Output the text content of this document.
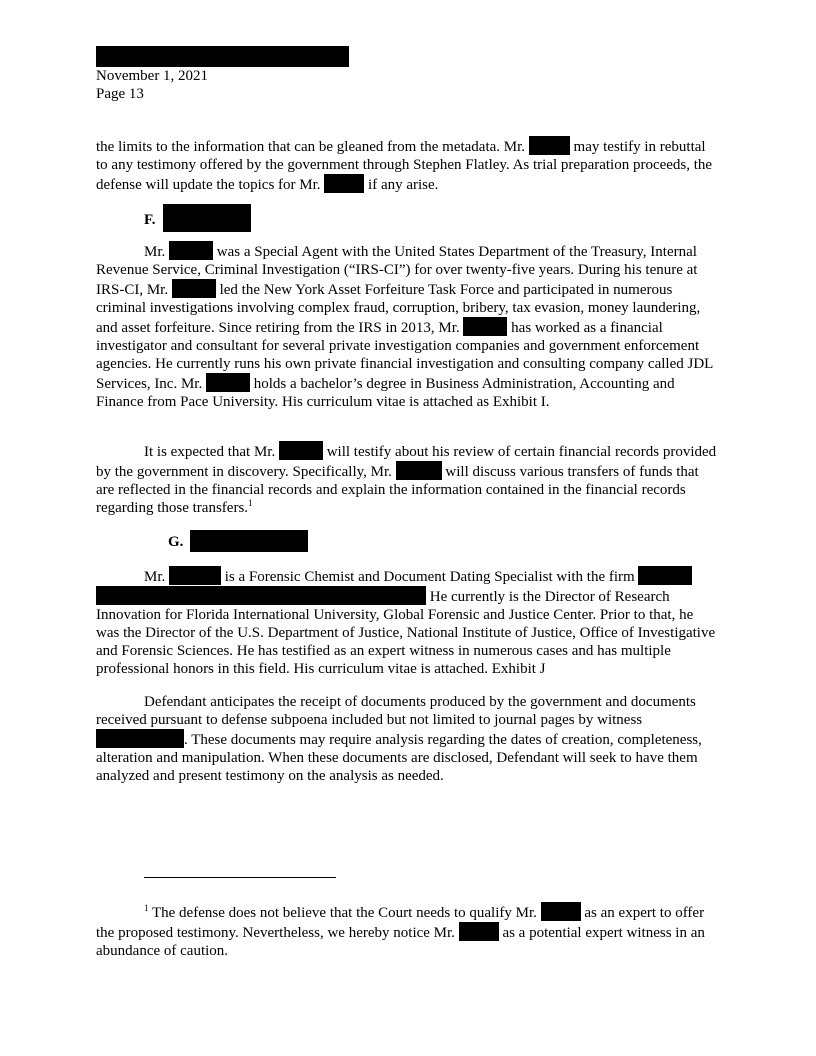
November 1, 2021
Page 13

the limits to the information that can be gleaned from the metadata. Mr.	may testify in rebuttal to any testimony offered by the government through Stephen Flatley. As trial preparation proceeds, the defense will update the topics for Mr.	if any arise.

F.

Mr.	was a Special Agent with the United States Department of the Treasury, Internal Revenue Service, Criminal Investigation (“IRS-CI”) for over twenty-five years. During his tenure at IRS-CI, Mr.	led the New York Asset Forfeiture Task Force and participated in numerous criminal investigations involving complex fraud, corruption, bribery, tax evasion, money laundering, and asset forfeiture. Since retiring from the IRS in 2013, Mr.	has worked as a financial investigator and consultant for several private investigation companies and government enforcement agencies. He currently runs his own private financial investigation and consulting company called JDL Services, Inc. Mr.	holds a bachelor’s degree in Business Administration, Accounting and Finance from Pace University. His curriculum vitae is attached as Exhibit I.

It is expected that Mr.	will testify about his review of certain financial records provided by the government in discovery. Specifically, Mr.	will discuss various transfers of funds that are reflected in the financial records and explain the information contained in the financial records regarding those transfers.$^1$

G.

Mr.	is a Forensic Chemist and Document Dating Specialist with the firm   He currently is the Director of Research Innovation for Florida International University, Global Forensic and Justice Center. Prior to that, he was the Director of the U.S. Department of Justice, National Institute of Justice, Office of Investigative and Forensic Sciences. He has testified as an expert witness in numerous cases and has multiple professional honors in this field. His curriculum vitae is attached. Exhibit J

Defendant anticipates the receipt of documents produced by the government and documents received pursuant to defense subpoena included but not limited to journal pages by witness . These documents may require analysis regarding the dates of creation, completeness, alteration and manipulation. When these documents are disclosed, Defendant will seek to have them analyzed and present testimony on the analysis as needed.

$^1$ The defense does not believe that the Court needs to qualify Mr.	as an expert to offer the proposed testimony. Nevertheless, we hereby notice Mr.	as a potential expert witness in an abundance of caution.
